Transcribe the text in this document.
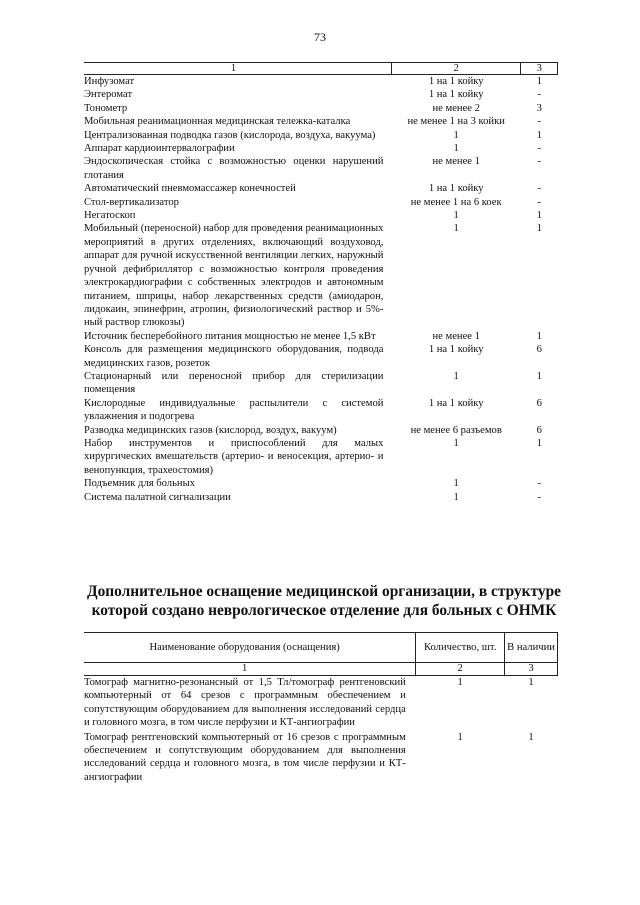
73
1	2	3
Инфузомат	1 на 1 койку	1
Энтеромат	1 на 1 койку	-
Тонометр	не менее 2	3
Мобильная реанимационная медицинская тележка-каталка	не менее 1 на 3 койки	-
Централизованная подводка газов (кислорода, воздуха, вакуума)	1	1
Аппарат кардиоинтервалографии	1	-
Эндоскопическая стойка с возможностью оценки нарушений глотания	не менее 1	-
Автоматический пневмомассажер конечностей	1 на 1 койку	-
Стол-вертикализатор	не менее 1 на 6 коек	-
Негатоскоп	1	1
Мобильный (переносной) набор для проведения реанимационных мероприятий в других отделениях, включающий воздуховод, аппарат для ручной искусственной вентиляции легких, наружный ручной дефибриллятор с возможностью контроля проведения электрокардиографии с собственных электродов и автономным питанием, шприцы, набор лекарственных средств (амиодарон, лидокаин, эпинефрин, атропин, физиологический раствор и 5%-ный раствор глюкозы)	1	1
Источник бесперебойного питания мощностью не менее 1,5 кВт	не менее 1	1
Консоль для размещения медицинского оборудования, подвода медицинских газов, розеток	1 на 1 койку	6
Стационарный или переносной прибор для стерилизации помещения	1	1
Кислородные индивидуальные распылители с системой увлажнения и подогрева	1 на 1 койку	6
Разводка медицинских газов (кислород, воздух, вакуум)	не менее 6 разъемов	6
Набор инструментов и приспособлений для малых хирургических вмешательств (артерио- и веносекция, артерио- и венопункция, трахеостомия)	1	1
Подъемник для больных	1	-
Система палатной сигнализации	1	-
Дополнительное оснащение медицинской организации, в структуре которой создано неврологическое отделение для больных с ОНМК
Наименование оборудования (оснащения)	Количество, шт.	В наличии
1	2	3
Томограф магнитно-резонансный от 1,5 Тл/томограф рентгеновский компьютерный от 64 срезов с программным обеспечением и сопутствующим оборудованием для выполнения исследований сердца и головного мозга, в том числе перфузии и КТ-ангиографии	1	1
Томограф рентгеновский компьютерный от 16 срезов с программным обеспечением и сопутствующим оборудованием для выполнения исследований сердца и головного мозга, в том числе перфузии и КТ-ангиографии	1	1
